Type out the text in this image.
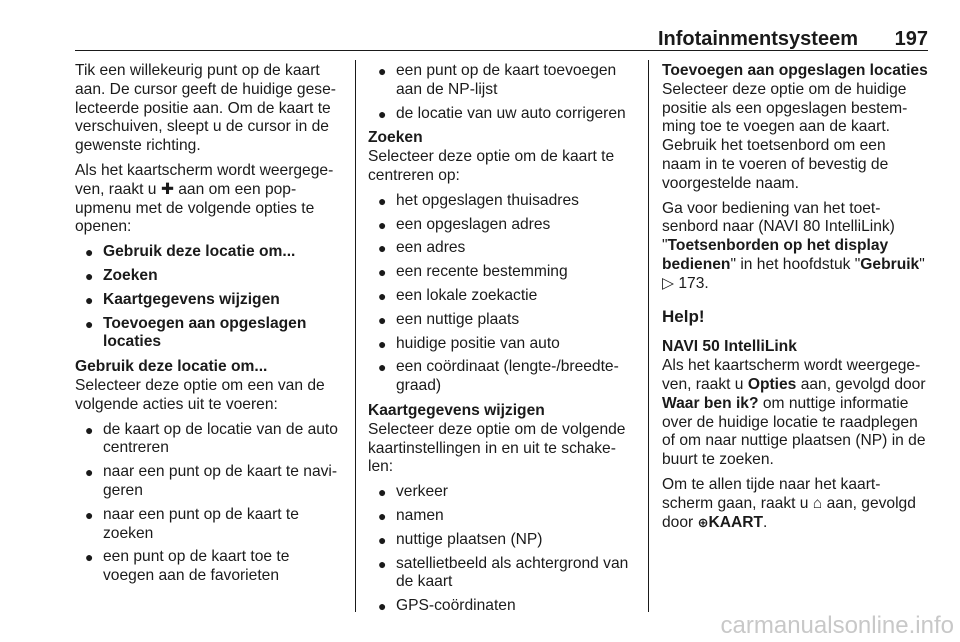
Infotainmentsysteem 197

Tik een willekeurig punt op de kaart aan. De cursor geeft de huidige gese-lecteerde positie aan. Om de kaart te verschuiven, sleept u de cursor in de gewenste richting.

Als het kaartscherm wordt weergege-ven, raakt u ✚ aan om een pop-upmenu met de volgende opties te openen:

● Gebruik deze locatie om...
● Zoeken
● Kaartgegevens wijzigen
● Toevoegen aan opgeslagen locaties
Gebruik deze locatie om...

Selecteer deze optie om een van de volgende acties uit te voeren:

● de kaart op de locatie van de auto centreren
● naar een punt op de kaart te navi-geren
● naar een punt op de kaart te zoeken
● een punt op de kaart toe te voegen aan de favorieten
● een punt op de kaart toevoegen aan de NP-lijst
● de locatie van uw auto corrigeren
Zoeken

Selecteer deze optie om de kaart te centreren op:

● het opgeslagen thuisadres
● een opgeslagen adres
● een adres
● een recente bestemming
● een lokale zoekactie
● een nuttige plaats
● huidige positie van auto
● een coördinaat (lengte-/breedte-graad)
Kaartgegevens wijzigen

Selecteer deze optie om de volgende kaartinstellingen in en uit te schake-len:

● verkeer
● namen
● nuttige plaatsen (NP)
● satellietbeeld als achtergrond van de kaart
● GPS-coördinaten
Toevoegen aan opgeslagen locaties

Selecteer deze optie om de huidige positie als een opgeslagen bestem-ming toe te voegen aan de kaart. Gebruik het toetsenbord om een naam in te voeren of bevestig de voorgestelde naam.

Ga voor bediening van het toet-senbord naar (NAVI 80 IntelliLink) "Toetsenborden op het display bedienen" in het hoofdstuk "Gebruik" ▷ 173.

Help!
NAVI 50 IntelliLink

Als het kaartscherm wordt weergege-ven, raakt u Opties aan, gevolgd door Waar ben ik? om nuttige informatie over de huidige locatie te raadplegen of om naar nuttige plaatsen (NP) in de buurt te zoeken.

Om te allen tijde naar het kaart-scherm gaan, raakt u ⌂ aan, gevolgd door ⊕KAART.

carmanualsonline.info
